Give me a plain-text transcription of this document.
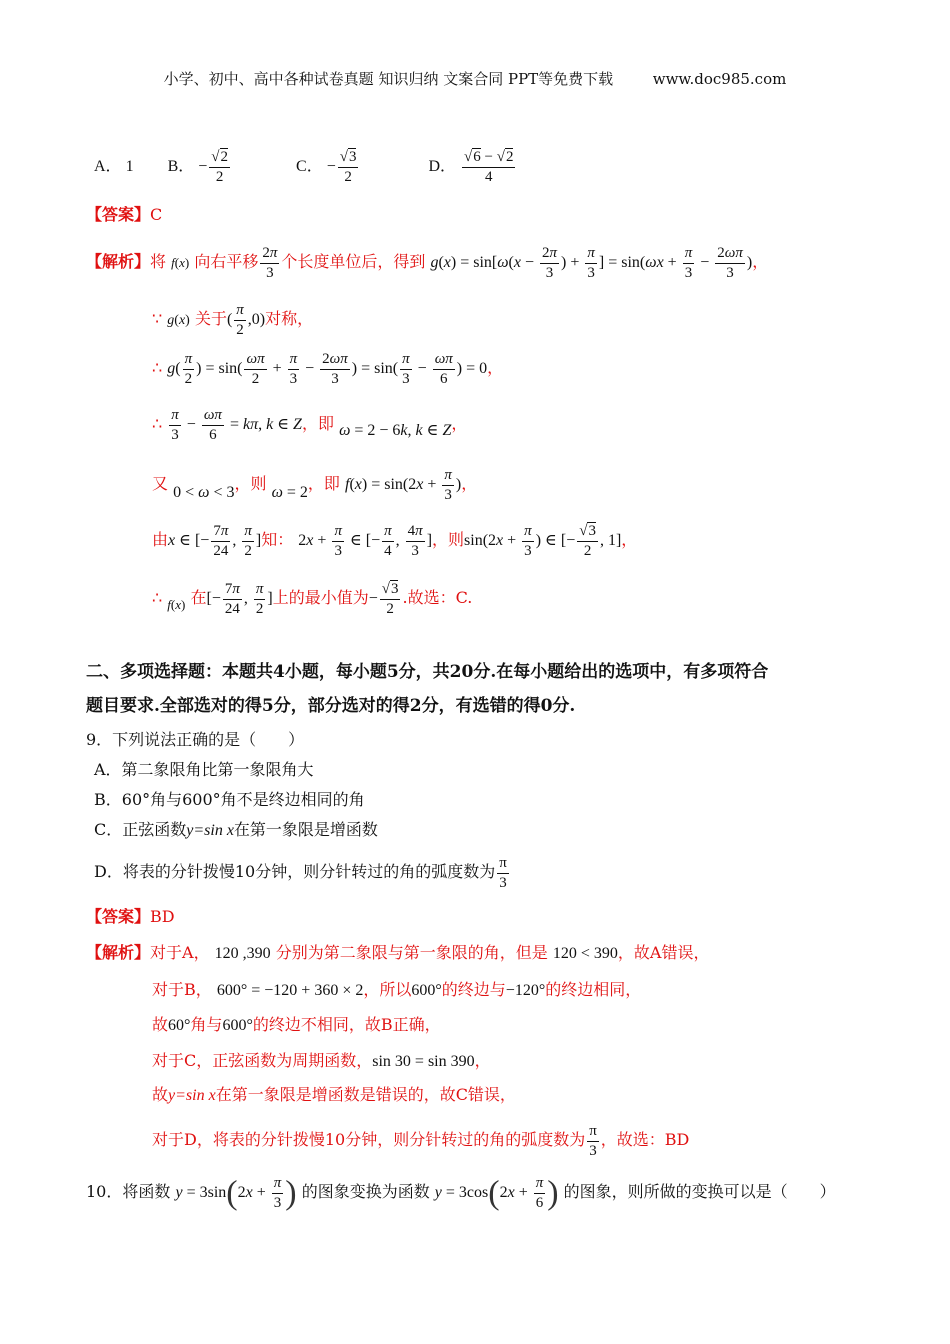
小学、初中、高中各种试卷真题 知识归纳 文案合同 PPT等免费下载	www.doc985.com
A． 1 B． − $\frac{√2}{2}$	C． − $\frac{√3}{2}$	D． $\frac{√6 - √2}{4}$
【答案】C
【解析】将 f(x) 向右平移 $\frac{2\pi}{3}$ 个长度单位后，得到 $g(x) = \sin[\omega(x - \frac{2\pi}{3}$ ) + $\frac{\pi}{3}$ ] = $\sin(\omega x + \frac{\pi}{3} - \frac{2\omega\pi}{3}$ )，
∵ g(x) 关于( $\frac{\pi}{2} ,0$)对称，
∴ $g( \frac{\pi}{2}$ ) = $\sin( \frac{\omega\pi}{2} + \frac{\pi}{3} - \frac{2\omega\pi}{3}$ ) = $\sin( \frac{\pi}{3} - \frac{\omega\pi}{6}$ ) = 0，
∴ $\frac{\pi}{3} - \frac{\omega\pi}{6} = k\pi$, k ∈ Z，即 ω = 2 − 6k, k ∈ Z，
又 0 < ω < 3，则 ω = 2，即 $f(x) = \sin(2x + \frac{\pi}{3}$ )，
由x ∈ [− $\frac{7\pi}{24}$ , $\frac{\pi}{2}$ ]知： $2x + \frac{\pi}{3}$ ∈ [− $\frac{\pi}{4}$ , $\frac{4\pi}{3}$ ]，则$\sin(2x + \frac{\pi}{3}$ ) ∈ [− $\frac{√3}{2}$ , 1]，
∴ $_{f(x)}$ 在[− $\frac{7\pi}{24}$ , $\frac{\pi}{2}$ ]上的最小值为− $\frac{√3}{2}$ .故选：C.
二、多项选择题：本题共4小题，每小题5分，共20分.在每小题给出的选项中，有多项符合
题目要求.全部选对的得5分，部分选对的得2分，有选错的得0分.
9．下列说法正确的是（　　）
A．第二象限角比第一象限角大
B．60°角与600°角不是终边相同的角
C．正弦函数y=sin x在第一象限是增函数
D．将表的分针拨慢10分钟，则分针转过的角的弧度数为 $\frac{\pi}{3}$
【答案】BD
【解析】对于A， 120 ,390 分别为第二象限与第一象限的角，但是 120 < 390，故A错误，
对于B， 600° = −120 + 360 × 2，所以600°的终边与−120°的终边相同，
故60°角与600°的终边不相同，故B正确，
对于C，正弦函数为周期函数，sin 30 = sin 390，
故y=sin x在第一象限是增函数是错误的，故C错误，
对于D，将表的分针拨慢10分钟，则分针转过的角的弧度数为 $\frac{\pi}{3}$ ，故选：BD
10．将函数 $y = 3\sin(2x + \frac{\pi}{3}$ ) 的图象变换为函数 $y = 3\cos(2x + \frac{\pi}{6}$ ) 的图象，则所做的变换可以是（　　）
